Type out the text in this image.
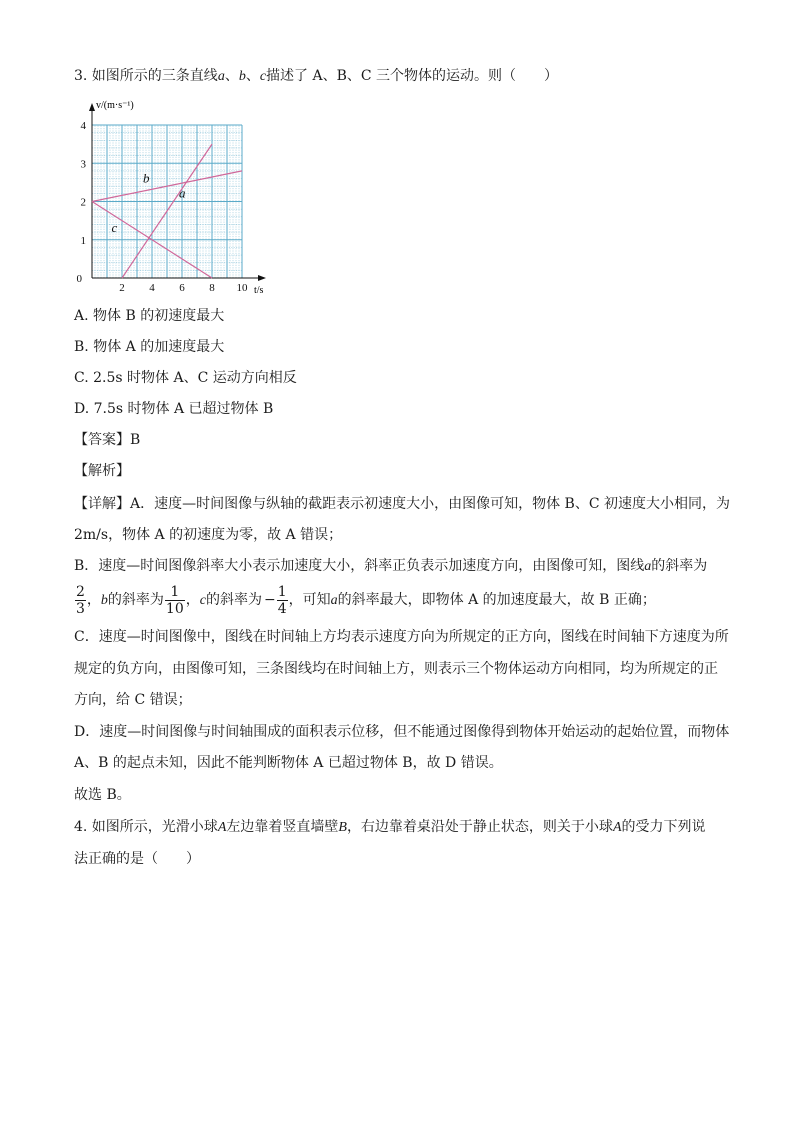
3. 如图所示的三条直线a、b、c描述了 A、B、C 三个物体的运动。则（　　）
2 4 6 8 10
0
1
2
3
4
a
b
c
v/(m·s⁻¹)
t/s
A. 物体 B 的初速度最大
B. 物体 A 的加速度最大
C. 2.5s 时物体 A、C 运动方向相反
D. 7.5s 时物体 A 已超过物体 B
【答案】B
【解析】
【详解】A．速度—时间图像与纵轴的截距表示初速度大小，由图像可知，物体 B、C 初速度大小相同，为
2m/s，物体 A 的初速度为零，故 A 错误；
B．速度—时间图像斜率大小表示加速度大小，斜率正负表示加速度方向，由图像可知，图线a的斜率为
$\frac{2}{3}$ ，b的斜率为 $\frac{1}{10}$ ，c的斜率为 − $\frac{1}{4}$ ，可知a的斜率最大，即物体 A 的加速度最大，故 B 正确；
C．速度—时间图像中，图线在时间轴上方均表示速度方向为所规定的正方向，图线在时间轴下方速度为所
规定的负方向，由图像可知，三条图线均在时间轴上方，则表示三个物体运动方向相同，均为所规定的正
方向，给 C 错误；
D．速度—时间图像与时间轴围成的面积表示位移，但不能通过图像得到物体开始运动的起始位置，而物体
A、B 的起点未知，因此不能判断物体 A 已超过物体 B，故 D 错误。
故选 B。
4. 如图所示，光滑小球A左边靠着竖直墙壁B，右边靠着桌沿处于静止状态，则关于小球A的受力下列说
法正确的是（　　）
